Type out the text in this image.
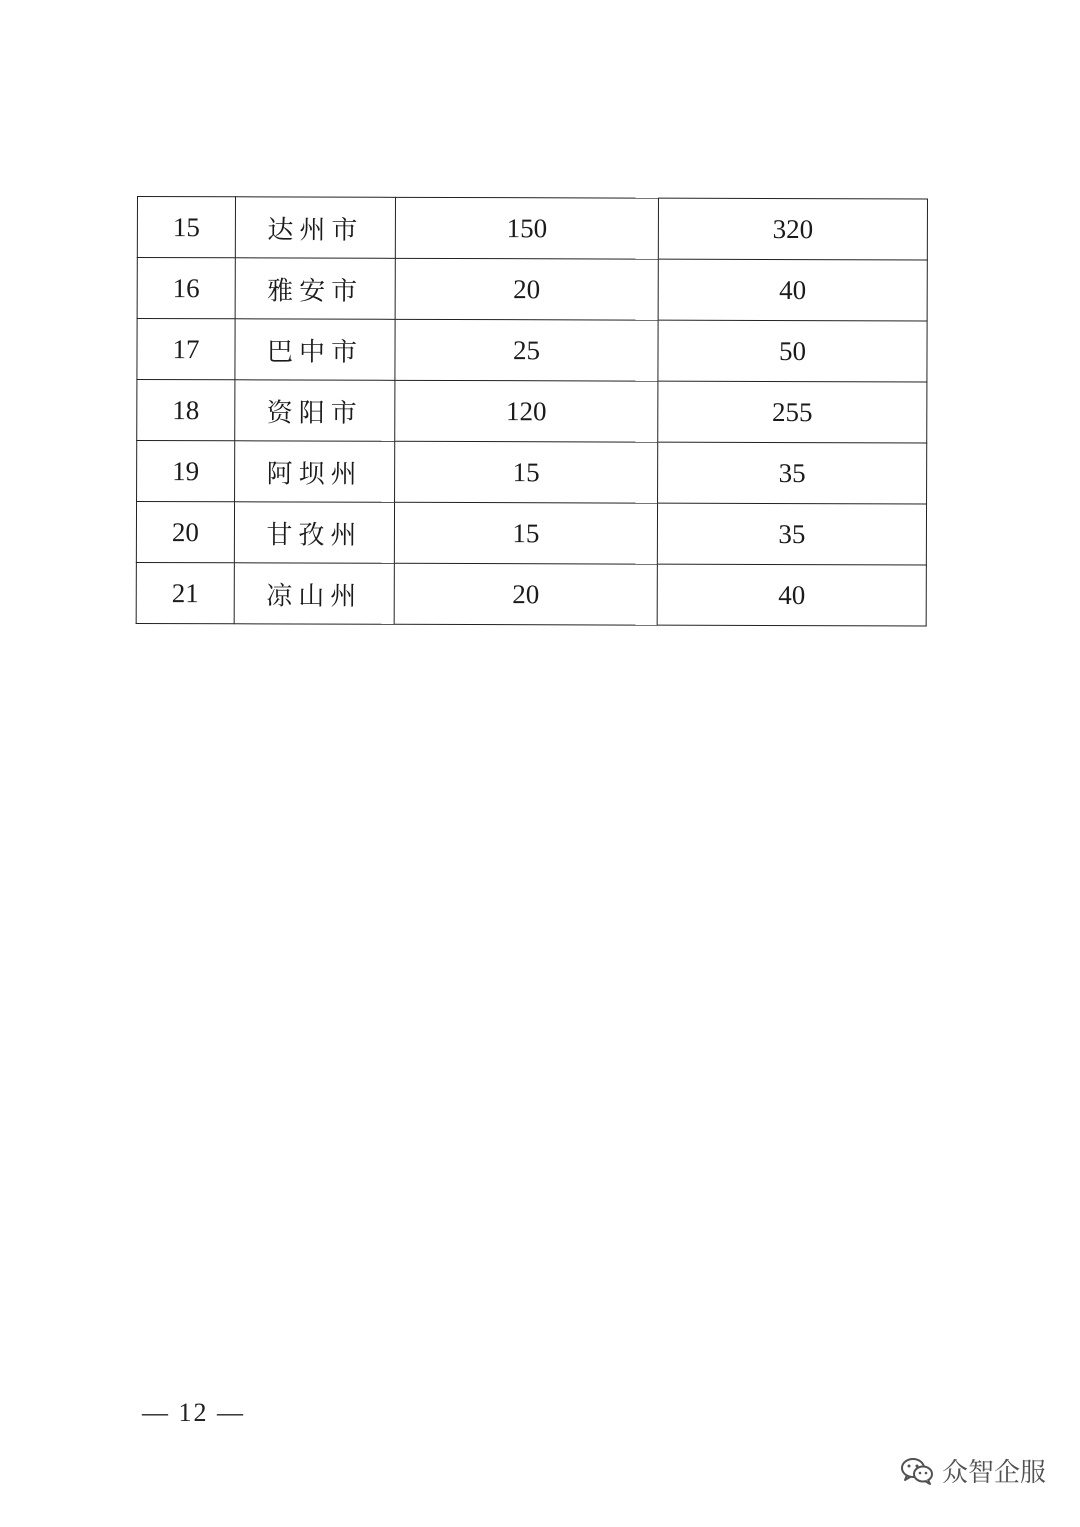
15	达州市	150	320
16	雅安市	20	40
17	巴中市	25	50
18	资阳市	120	255
19	阿坝州	15	35
20	甘孜州	15	35
21	凉山州	20	40
— 12 —
众智企服
